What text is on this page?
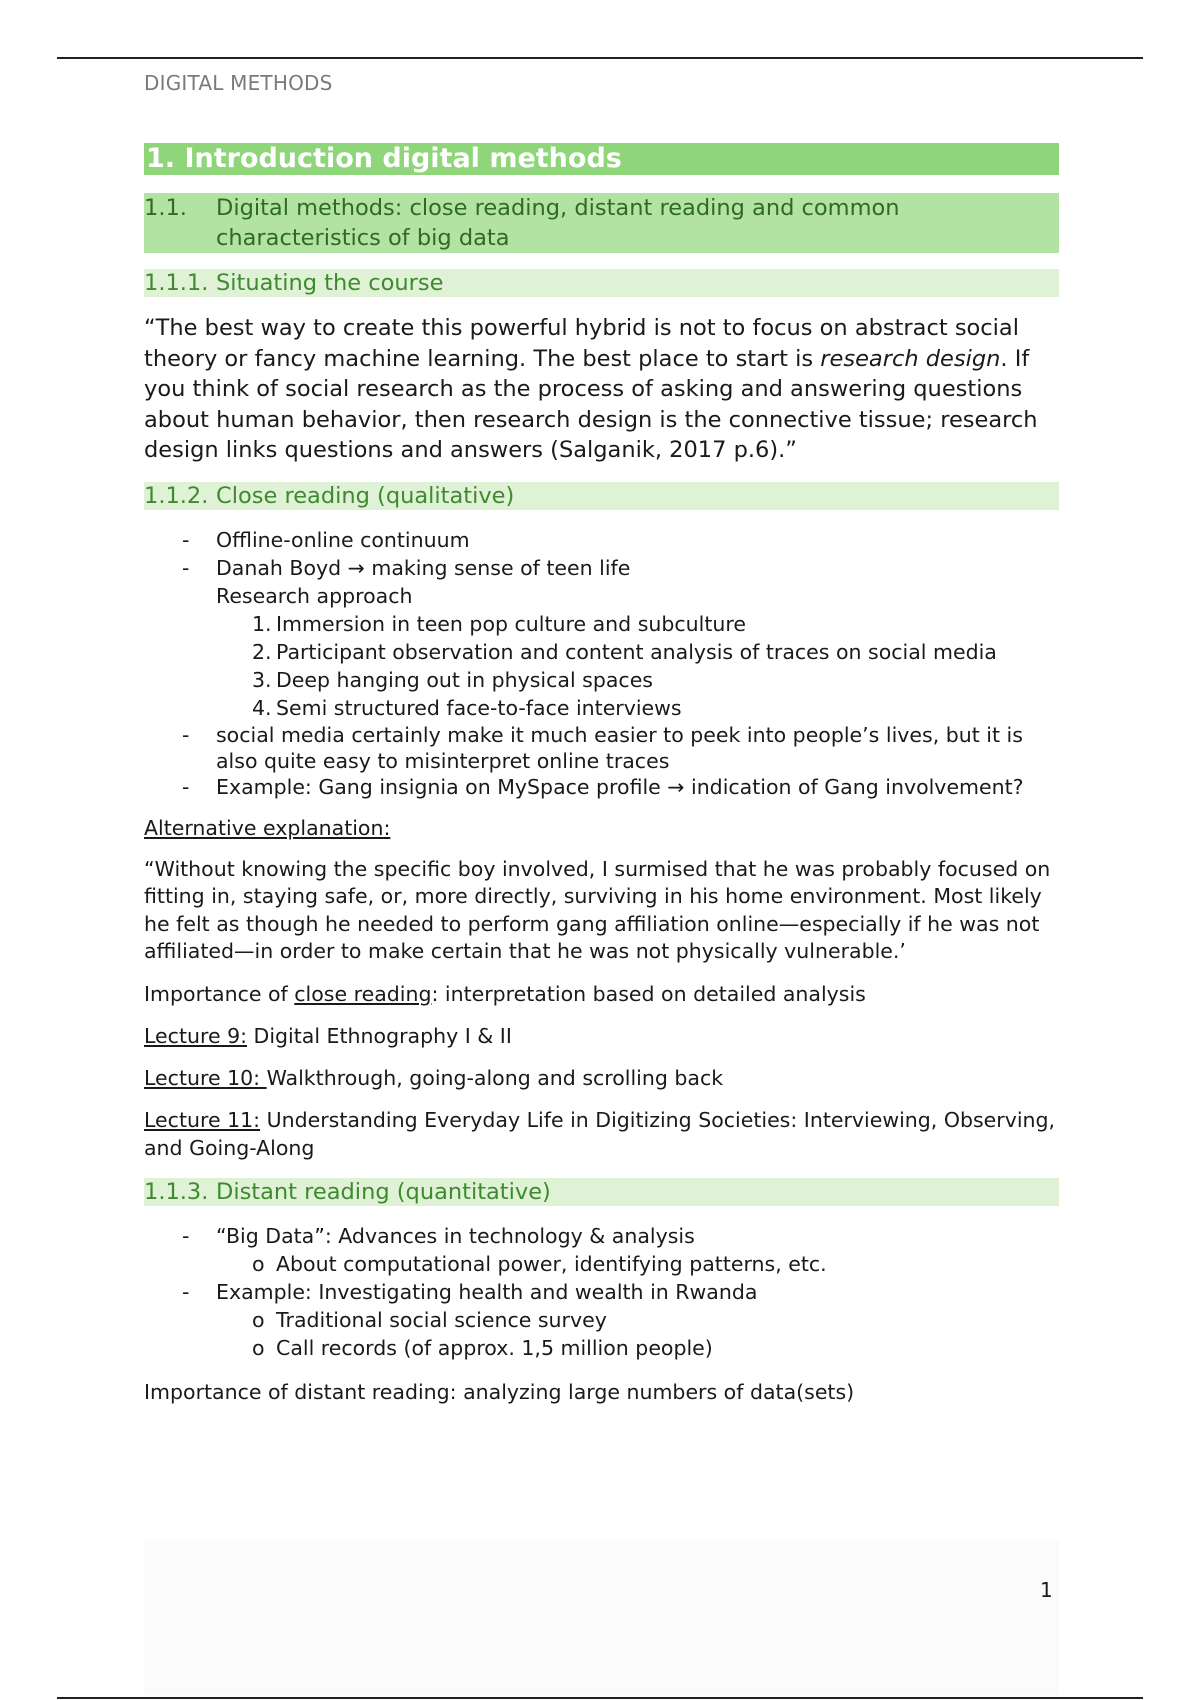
DIGITAL METHODS
1. Introduction digital methods
1.1.	Digital methods: close reading, distant reading and common characteristics of big data
1.1.1. Situating the course

“The best way to create this powerful hybrid is not to focus on abstract social theory or fancy machine learning. The best place to start is research design. If you think of social research as the process of asking and answering questions about human behavior, then research design is the connective tissue; research design links questions and answers (Salganik, 2017 p.6).”

1.1.2. Close reading (qualitative)
- Offline-online continuum
- Danah Boyd → making sense of teen life
Research approach
1. Immersion in teen pop culture and subculture
2. Participant observation and content analysis of traces on social media
3. Deep hanging out in physical spaces
4. Semi structured face-to-face interviews
- social media certainly make it much easier to peek into people’s lives, but it is also quite easy to misinterpret online traces
- Example: Gang insignia on MySpace profile → indication of Gang involvement?

Alternative explanation:

“Without knowing the specific boy involved, I surmised that he was probably focused on fitting in, staying safe, or, more directly, surviving in his home environment. Most likely he felt as though he needed to perform gang affiliation online—especially if he was not affiliated—in order to make certain that he was not physically vulnerable.’

Importance of close reading: interpretation based on detailed analysis

Lecture 9: Digital Ethnography I & II

Lecture 10: Walkthrough, going-along and scrolling back

Lecture 11: Understanding Everyday Life in Digitizing Societies: Interviewing, Observing, and Going-Along

1.1.3. Distant reading (quantitative)
- “Big Data”: Advances in technology & analysis
o About computational power, identifying patterns, etc.
- Example: Investigating health and wealth in Rwanda
o Traditional social science survey
o Call records (of approx. 1,5 million people)

Importance of distant reading: analyzing large numbers of data(sets)

1
